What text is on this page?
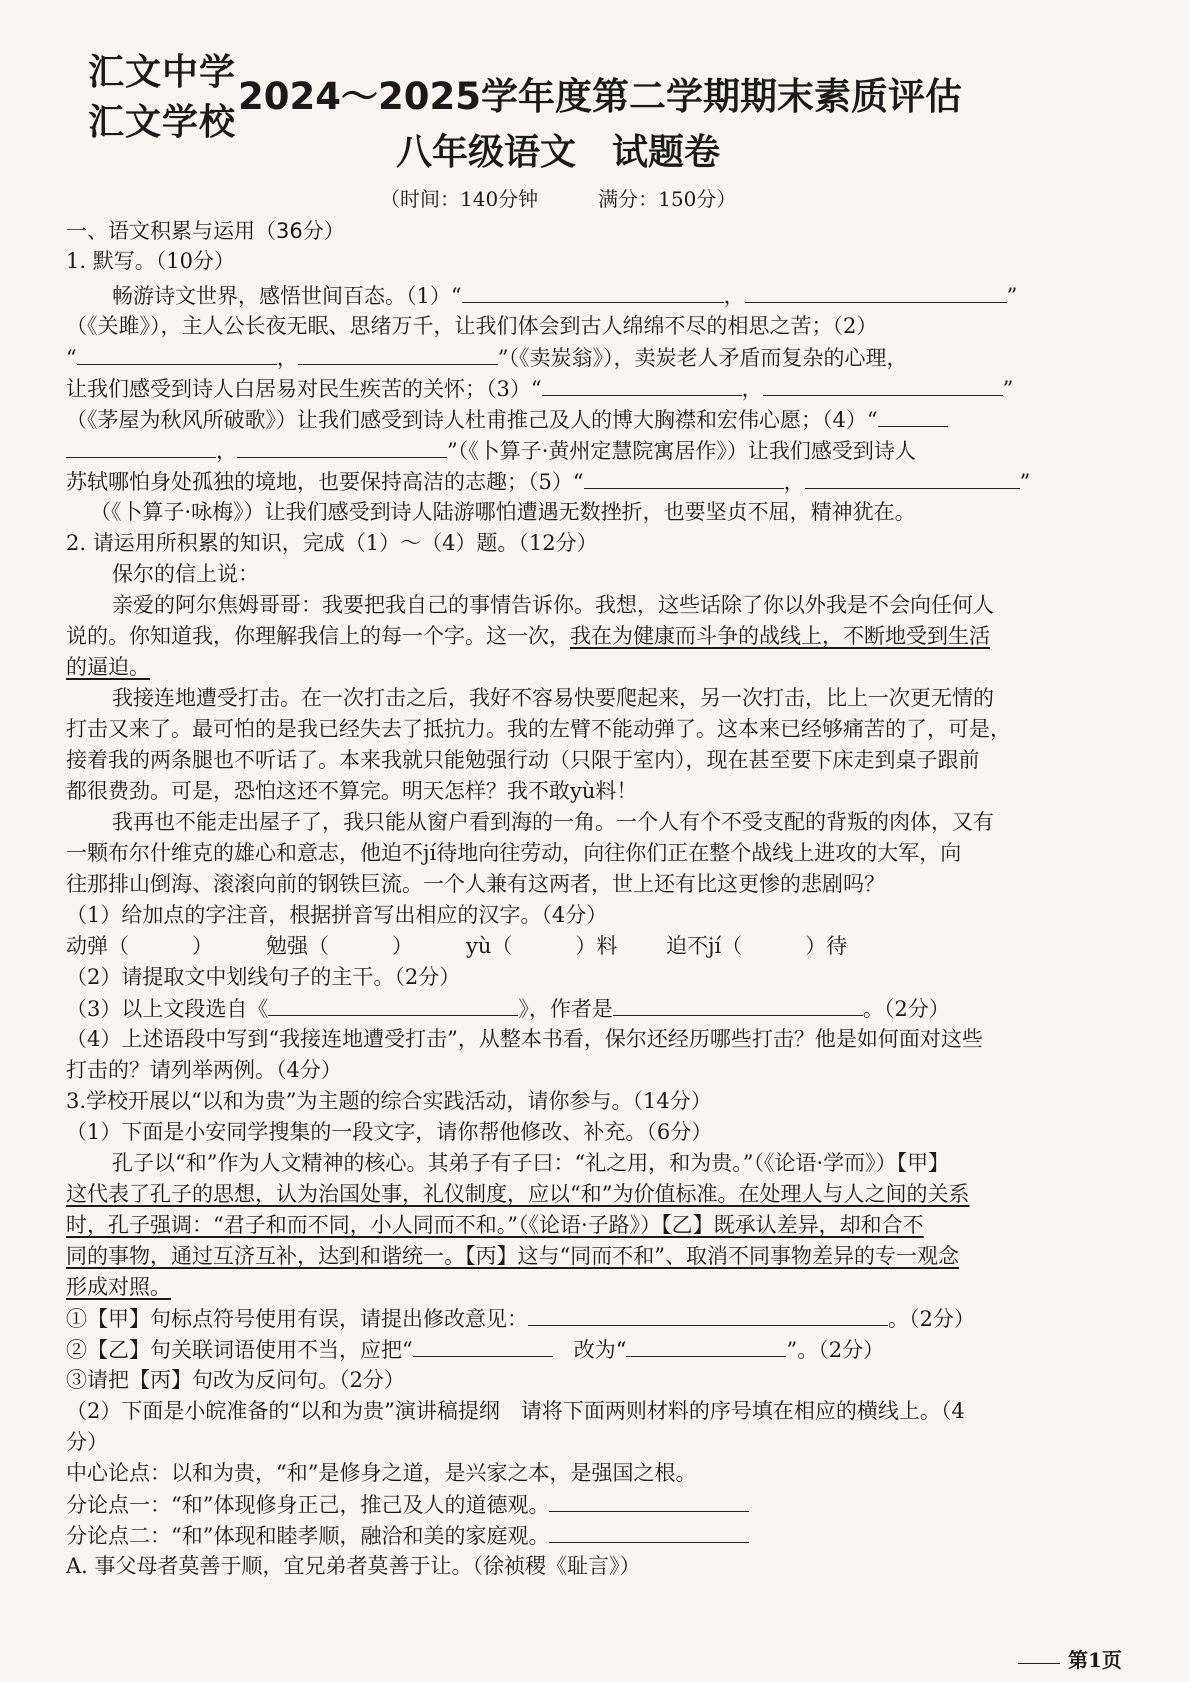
汇文中学
汇文学校
2024～2025学年度第二学期期末素质评估
八年级语文　试题卷
（时间：140分钟　　　满分：150分）
一、语文积累与运用（36分）
1. 默写。（10分）
畅游诗文世界，感悟世间百态。（1）“	，	”
（《关雎》），主人公长夜无眠、思绪万千，让我们体会到古人绵绵不尽的相思之苦；（2）
“	，	”（《卖炭翁》），卖炭老人矛盾而复杂的心理，
让我们感受到诗人白居易对民生疾苦的关怀；（3）“	，	”
（《茅屋为秋风所破歌》）让我们感受到诗人杜甫推己及人的博大胸襟和宏伟心愿；（4）“
，	”（《卜算子·黄州定慧院寓居作》）让我们感受到诗人
苏轼哪怕身处孤独的境地，也要保持高洁的志趣；（5）“	，	”
（《卜算子·咏梅》）让我们感受到诗人陆游哪怕遭遇无数挫折，也要坚贞不屈，精神犹在。
2. 请运用所积累的知识，完成（1）～（4）题。（12分）
保尔的信上说：
亲爱的阿尔焦姆哥哥：我要把我自己的事情告诉你。我想，这些话除了你以外我是不会向任何人
说的。你知道我，你理解我信上的每一个字。这一次，我在为健康而斗争的战线上，不断地受到生活
的逼迫。
我接连地遭受打击。在一次打击之后，我好不容易快要爬起来，另一次打击，比上一次更无情的
打击又来了。最可怕的是我已经失去了抵抗力。我的左臂不能动弹了。这本来已经够痛苦的了，可是，
接着我的两条腿也不听话了。本来我就只能勉强行动（只限于室内），现在甚至要下床走到桌子跟前
都很费劲。可是，恐怕这还不算完。明天怎样？我不敢yù料！
我再也不能走出屋子了，我只能从窗户看到海的一角。一个人有个不受支配的背叛的肉体，又有
一颗布尔什维克的雄心和意志，他迫不jí待地向往劳动，向往你们正在整个战线上进攻的大军，向
往那排山倒海、滚滚向前的钢铁巨流。一个人兼有这两者，世上还有比这更惨的悲剧吗？
（1）给加点的字注音，根据拼音写出相应的汉字。（4分）
动弹（　　　）	勉强（　　　）	yù（　　　）料 迫不jí（　　　）待
（2）请提取文中划线句子的主干。（2分）
（3）以上文段选自《	》，作者是	。（2分）
（4）上述语段中写到“我接连地遭受打击”，从整本书看，保尔还经历哪些打击？他是如何面对这些
打击的？请列举两例。（4分）
3.学校开展以“以和为贵”为主题的综合实践活动，请你参与。（14分）
（1）下面是小安同学搜集的一段文字，请你帮他修改、补充。（6分）
孔子以“和”作为人文精神的核心。其弟子有子曰：“礼之用，和为贵。”（《论语·学而》）【甲】
这代表了孔子的思想，认为治国处事，礼仪制度，应以“和”为价值标准。在处理人与人之间的关系
时，孔子强调：“君子和而不同，小人同而不和。”（《论语·子路》）【乙】既承认差异，却和合不
同的事物，通过互济互补，达到和谐统一。【丙】这与“同而不和”、取消不同事物差异的专一观念
形成对照。
①【甲】句标点符号使用有误，请提出修改意见：	。（2分）
②【乙】句关联词语使用不当，应把“　	改为“	”。（2分）
③请把【丙】句改为反问句。（2分）
（2）下面是小皖准备的“以和为贵”演讲稿提纲　请将下面两则材料的序号填在相应的横线上。（4
分）
中心论点：以和为贵，“和”是修身之道，是兴家之本，是强国之根。
分论点一：“和”体现修身正己，推己及人的道德观。
分论点二：“和”体现和睦孝顺，融洽和美的家庭观。
A. 事父母者莫善于顺，宜兄弟者莫善于让。（徐祯稷《耻言》）
第1页
